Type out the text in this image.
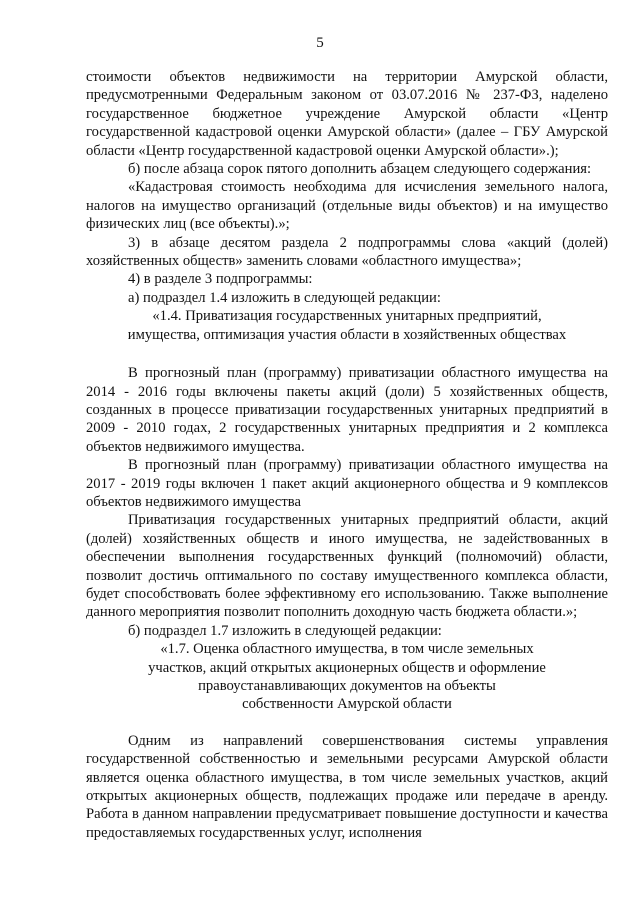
5

стоимости объектов недвижимости на территории Амурской области, предусмотренными Федеральным законом от 03.07.2016 № 237-ФЗ, наделено государственное бюджетное учреждение Амурской области «Центр государственной кадастровой оценки Амурской области» (далее – ГБУ Амурской области «Центр государственной кадастровой оценки Амурской области».);

б) после абзаца сорок пятого дополнить абзацем следующего содержания:

«Кадастровая стоимость необходима для исчисления земельного налога, налогов на имущество организаций (отдельные виды объектов) и на имущество физических лиц (все объекты).»;

3) в абзаце десятом раздела 2 подпрограммы слова «акций (долей) хозяйственных обществ» заменить словами «областного имущества»;

4) в разделе 3 подпрограммы:

а) подраздел 1.4 изложить в следующей редакции:

«1.4. Приватизация государственных унитарных предприятий,

имущества, оптимизация участия области в хозяйственных обществах

В прогнозный план (программу) приватизации областного имущества на 2014 - 2016 годы включены пакеты акций (доли) 5 хозяйственных обществ, созданных в процессе приватизации государственных унитарных предприятий в 2009 - 2010 годах, 2 государственных унитарных предприятия и 2 комплекса объектов недвижимого имущества.

В прогнозный план (программу) приватизации областного имущества на 2017 - 2019 годы включен 1 пакет акций акционерного общества и 9 комплексов объектов недвижимого имущества

Приватизация государственных унитарных предприятий области, акций (долей) хозяйственных обществ и иного имущества, не задействованных в обеспечении выполнения государственных функций (полномочий) области, позволит достичь оптимального по составу имущественного комплекса области, будет способствовать более эффективному его использованию. Также выполнение данного мероприятия позволит пополнить доходную часть бюджета области.»;

б) подраздел 1.7 изложить в следующей редакции:

«1.7. Оценка областного имущества, в том числе земельных

участков, акций открытых акционерных обществ и оформление

правоустанавливающих документов на объекты

собственности Амурской области

Одним из направлений совершенствования системы управления государственной собственностью и земельными ресурсами Амурской области является оценка областного имущества, в том числе земельных участков, акций открытых акционерных обществ, подлежащих продаже или передаче в аренду. Работа в данном направлении предусматривает повышение доступности и качества предоставляемых государственных услуг, исполнения
